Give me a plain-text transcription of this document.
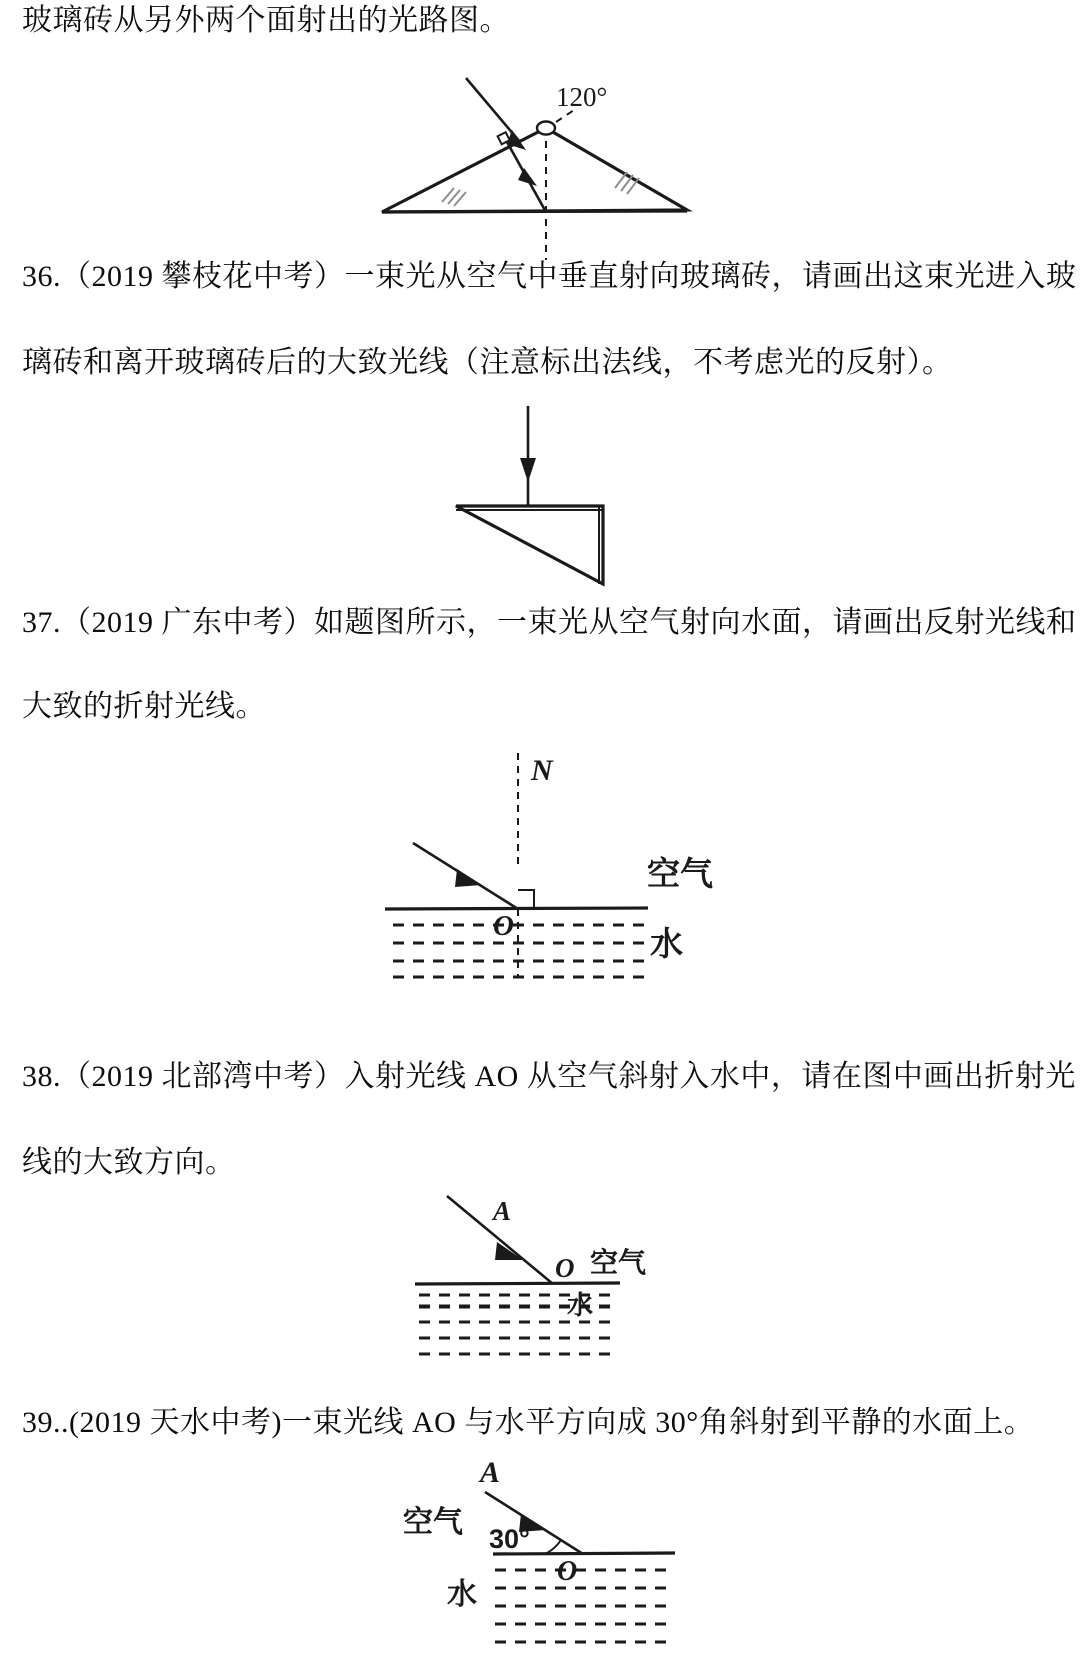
玻璃砖从另外两个面射出的光路图。
120°
36.（2019 攀枝花中考）一束光从空气中垂直射向玻璃砖，请画出这束光进入玻
璃砖和离开玻璃砖后的大致光线（注意标出法线，不考虑光的反射）。
37.（2019 广东中考）如题图所示，一束光从空气射向水面，请画出反射光线和
大致的折射光线。
N
O
空气
水
38.（2019 北部湾中考）入射光线 AO 从空气斜射入水中，请在图中画出折射光
线的大致方向。
A
O 空气
水
39..(2019 天水中考)一束光线 AO 与水平方向成 30°角斜射到平静的水面上。
A
空气 30°
O
水
